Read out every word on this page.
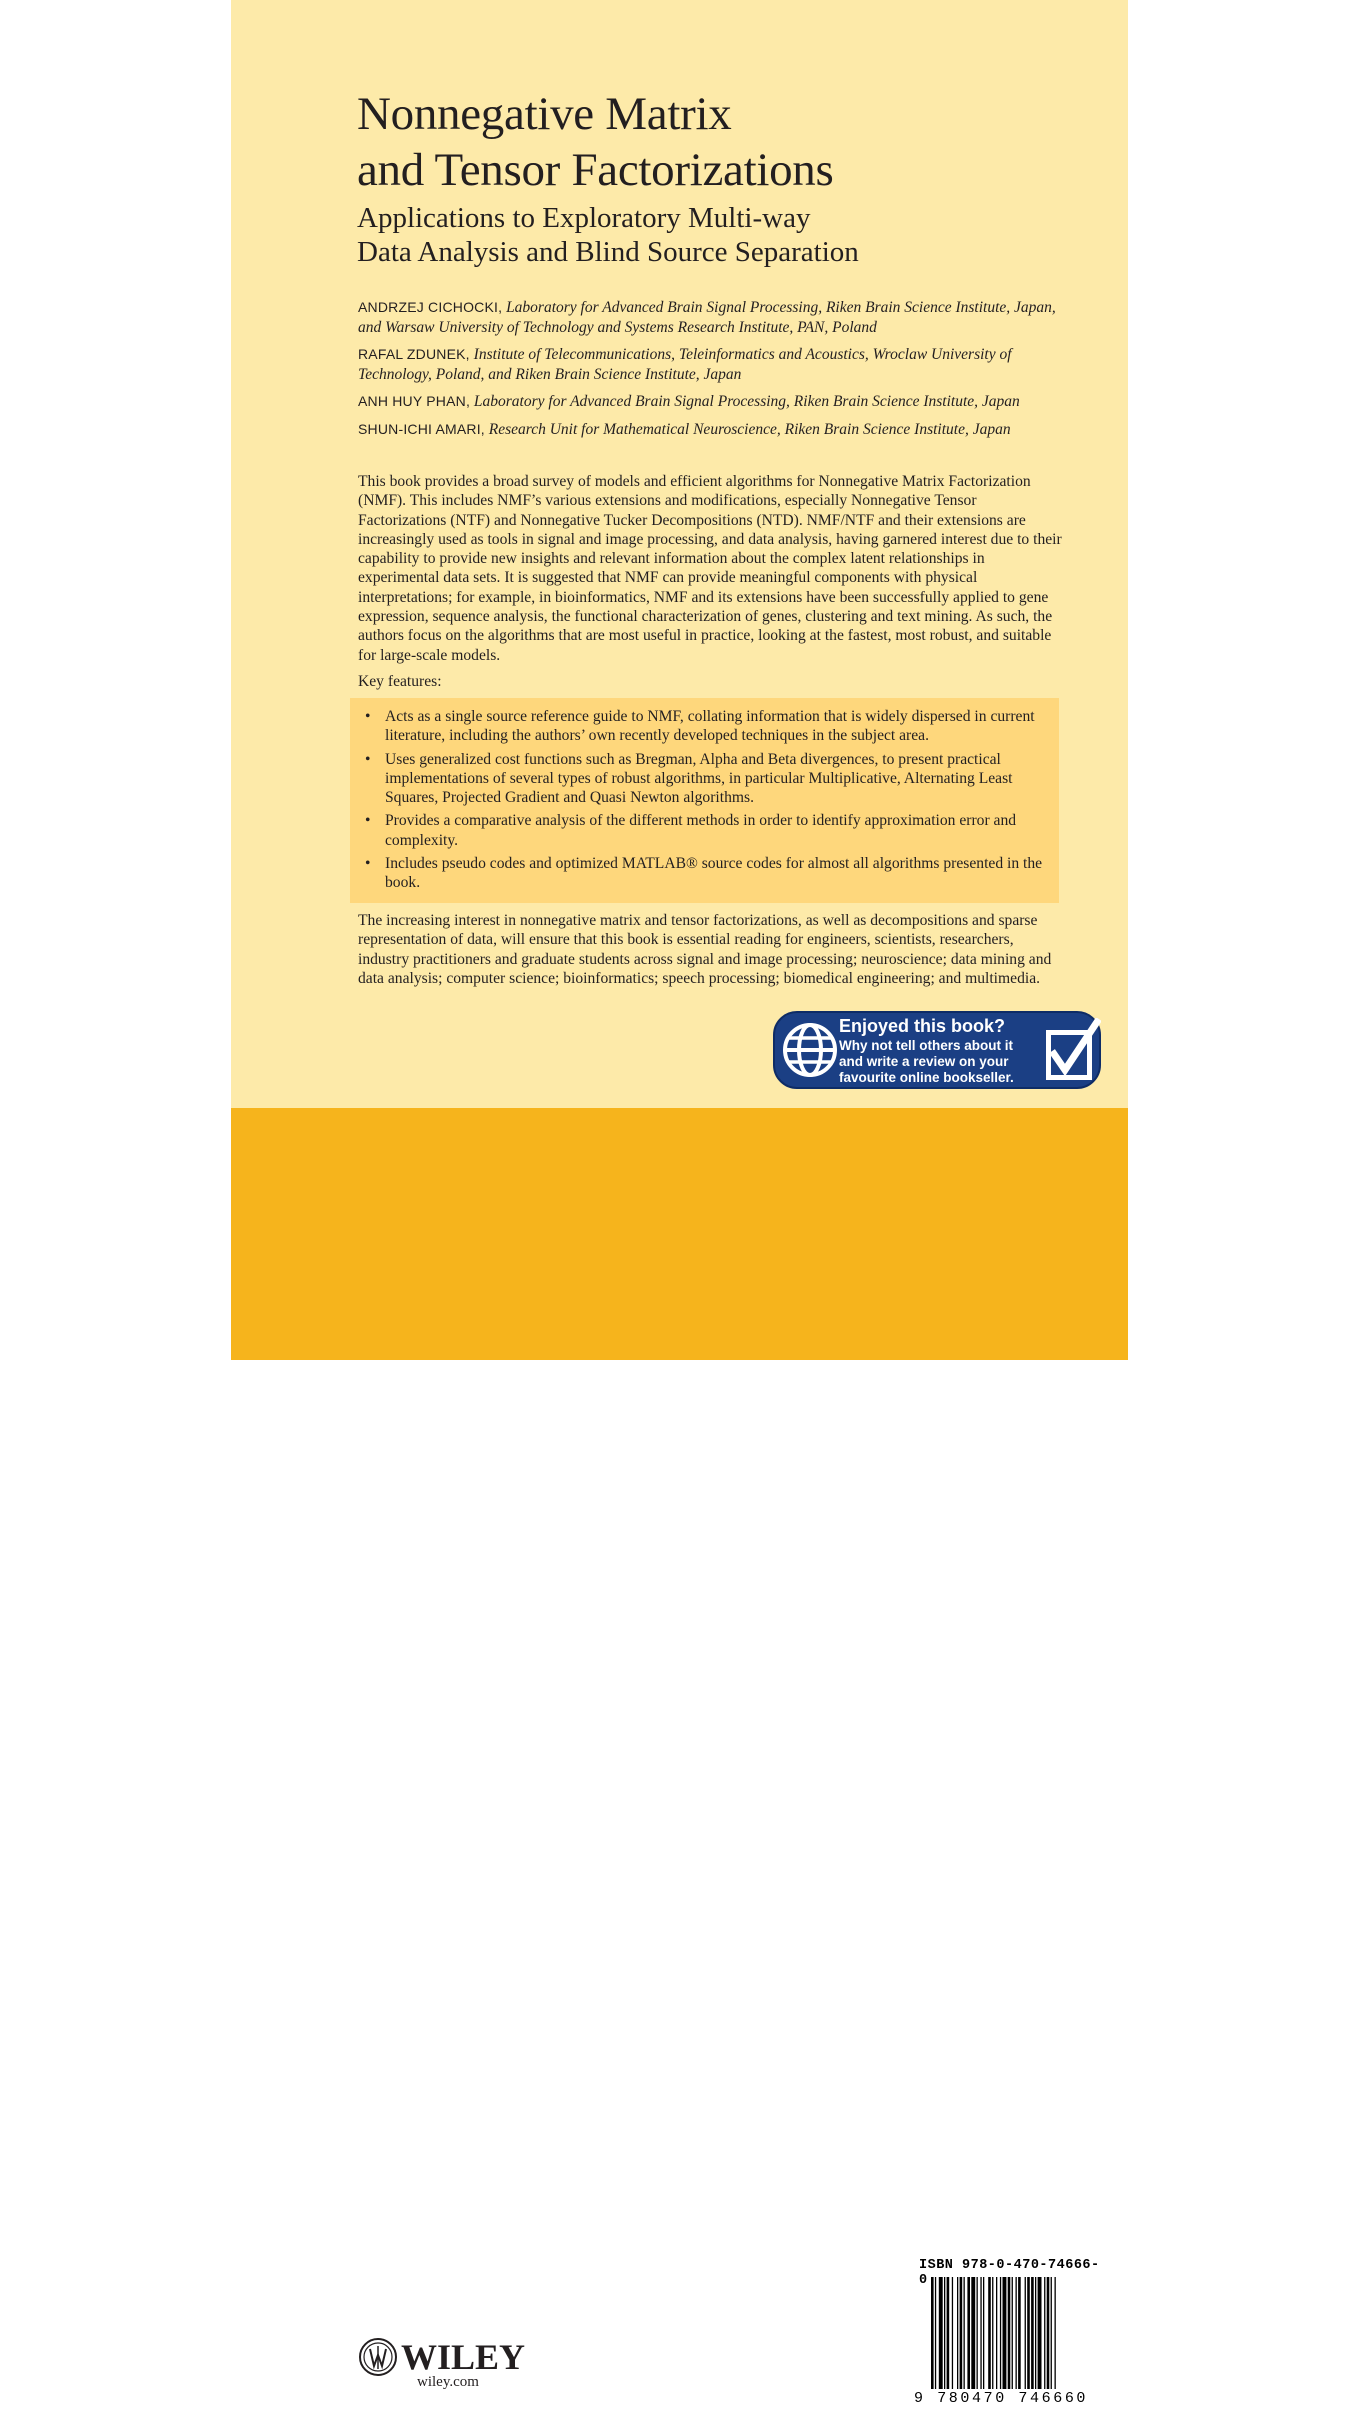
Nonnegative Matrix
and Tensor Factorizations
Applications to Exploratory Multi-way
Data Analysis and Blind Source Separation

ANDRZEJ CICHOCKI, Laboratory for Advanced Brain Signal Processing, Riken Brain Science Institute, Japan, and Warsaw University of Technology and Systems Research Institute, PAN, Poland

RAFAL ZDUNEK, Institute of Telecommunications, Teleinformatics and Acoustics, Wroclaw University of Technology, Poland, and Riken Brain Science Institute, Japan

ANH HUY PHAN, Laboratory for Advanced Brain Signal Processing, Riken Brain Science Institute, Japan

SHUN-ICHI AMARI, Research Unit for Mathematical Neuroscience, Riken Brain Science Institute, Japan

This book provides a broad survey of models and efficient algorithms for Nonnegative Matrix Factorization (NMF). This includes NMF’s various extensions and modifications, especially Nonnegative Tensor Factorizations (NTF) and Nonnegative Tucker Decompositions (NTD). NMF/NTF and their extensions are increasingly used as tools in signal and image processing, and data analysis, having garnered interest due to their capability to provide new insights and relevant information about the complex latent relationships in experimental data sets. It is suggested that NMF can provide meaningful components with physical interpretations; for example, in bioinformatics, NMF and its extensions have been successfully applied to gene expression, sequence analysis, the functional characterization of genes, clustering and text mining. As such, the authors focus on the algorithms that are most useful in practice, looking at the fastest, most robust, and suitable for large-scale models.

Key features:

• Acts as a single source reference guide to NMF, collating information that is widely dispersed in current literature, including the authors’ own recently developed techniques in the subject area.
• Uses generalized cost functions such as Bregman, Alpha and Beta divergences, to present practical implementations of several types of robust algorithms, in particular Multiplicative, Alternating Least Squares, Projected Gradient and Quasi Newton algorithms.
• Provides a comparative analysis of the different methods in order to identify approximation error and complexity.
• Includes pseudo codes and optimized MATLAB® source codes for almost all algorithms presented in the book.

The increasing interest in nonnegative matrix and tensor factorizations, as well as decompositions and sparse representation of data, will ensure that this book is essential reading for engineers, scientists, researchers, industry practitioners and graduate students across signal and image processing; neuroscience; data mining and data analysis; computer science; bioinformatics; speech processing; biomedical engineering; and multimedia.

Enjoyed this book?

Why not tell others about it and write a review on your favourite online bookseller.

WILEY

wiley.com

ISBN 978-0-470-74666-0

9 780470 746660
